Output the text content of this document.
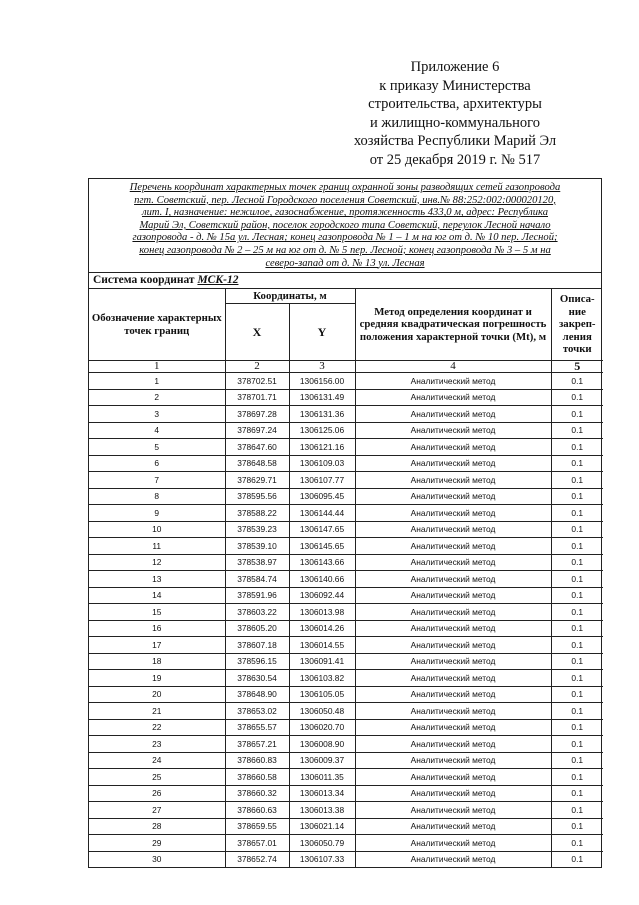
Приложение 6
к приказу Министерства
строительства, архитектуры
и жилищно-коммунального
хозяйства Республики Марий Эл
от 25 декабря 2019 г. № 517
Перечень координат характерных точек границ охранной зоны разводящих сетей газопровода
пгт. Советский, пер. Лесной Городского поселения Советский, инв.№ 88:252:002:000020120,
лит. I, назначение: нежилое, газоснабжение, протяженность 433,0 м, адрес: Республика
Марий Эл, Советский район, поселок городского типа Советский, переулок Лесной начало
газопровода - д. № 15а ул. Лесная; конец газопровода № 1 – 1 м на юг от д. № 10 пер. Лесной;
конец газопровода № 2 – 25 м на юг от д. № 5 пер. Лесной; конец газопровода № 3 – 5 м на
северо-запад от д. № 13 ул. Лесная
Система координат МСК-12
Обозначение характерных точек границ	Координаты, м		Метод определения координат и средняя квадратическая погрешность положения характерной точки (Mt), м	Описа-ние закреп-ления точки
	X	Y		
1	2	3	4	5
1	378702.51	1306156.00	Аналитический метод	0.1
2	378701.71	1306131.49	Аналитический метод	0.1
3	378697.28	1306131.36	Аналитический метод	0.1
4	378697.24	1306125.06	Аналитический метод	0.1
5	378647.60	1306121.16	Аналитический метод	0.1
6	378648.58	1306109.03	Аналитический метод	0.1
7	378629.71	1306107.77	Аналитический метод	0.1
8	378595.56	1306095.45	Аналитический метод	0.1
9	378588.22	1306144.44	Аналитический метод	0.1
10	378539.23	1306147.65	Аналитический метод	0.1
11	378539.10	1306145.65	Аналитический метод	0.1
12	378538.97	1306143.66	Аналитический метод	0.1
13	378584.74	1306140.66	Аналитический метод	0.1
14	378591.96	1306092.44	Аналитический метод	0.1
15	378603.22	1306013.98	Аналитический метод	0.1
16	378605.20	1306014.26	Аналитический метод	0.1
17	378607.18	1306014.55	Аналитический метод	0.1
18	378596.15	1306091.41	Аналитический метод	0.1
19	378630.54	1306103.82	Аналитический метод	0.1
20	378648.90	1306105.05	Аналитический метод	0.1
21	378653.02	1306050.48	Аналитический метод	0.1
22	378655.57	1306020.70	Аналитический метод	0.1
23	378657.21	1306008.90	Аналитический метод	0.1
24	378660.83	1306009.37	Аналитический метод	0.1
25	378660.58	1306011.35	Аналитический метод	0.1
26	378660.32	1306013.34	Аналитический метод	0.1
27	378660.63	1306013.38	Аналитический метод	0.1
28	378659.55	1306021.14	Аналитический метод	0.1
29	378657.01	1306050.79	Аналитический метод	0.1
30	378652.74	1306107.33	Аналитический метод	0.1
